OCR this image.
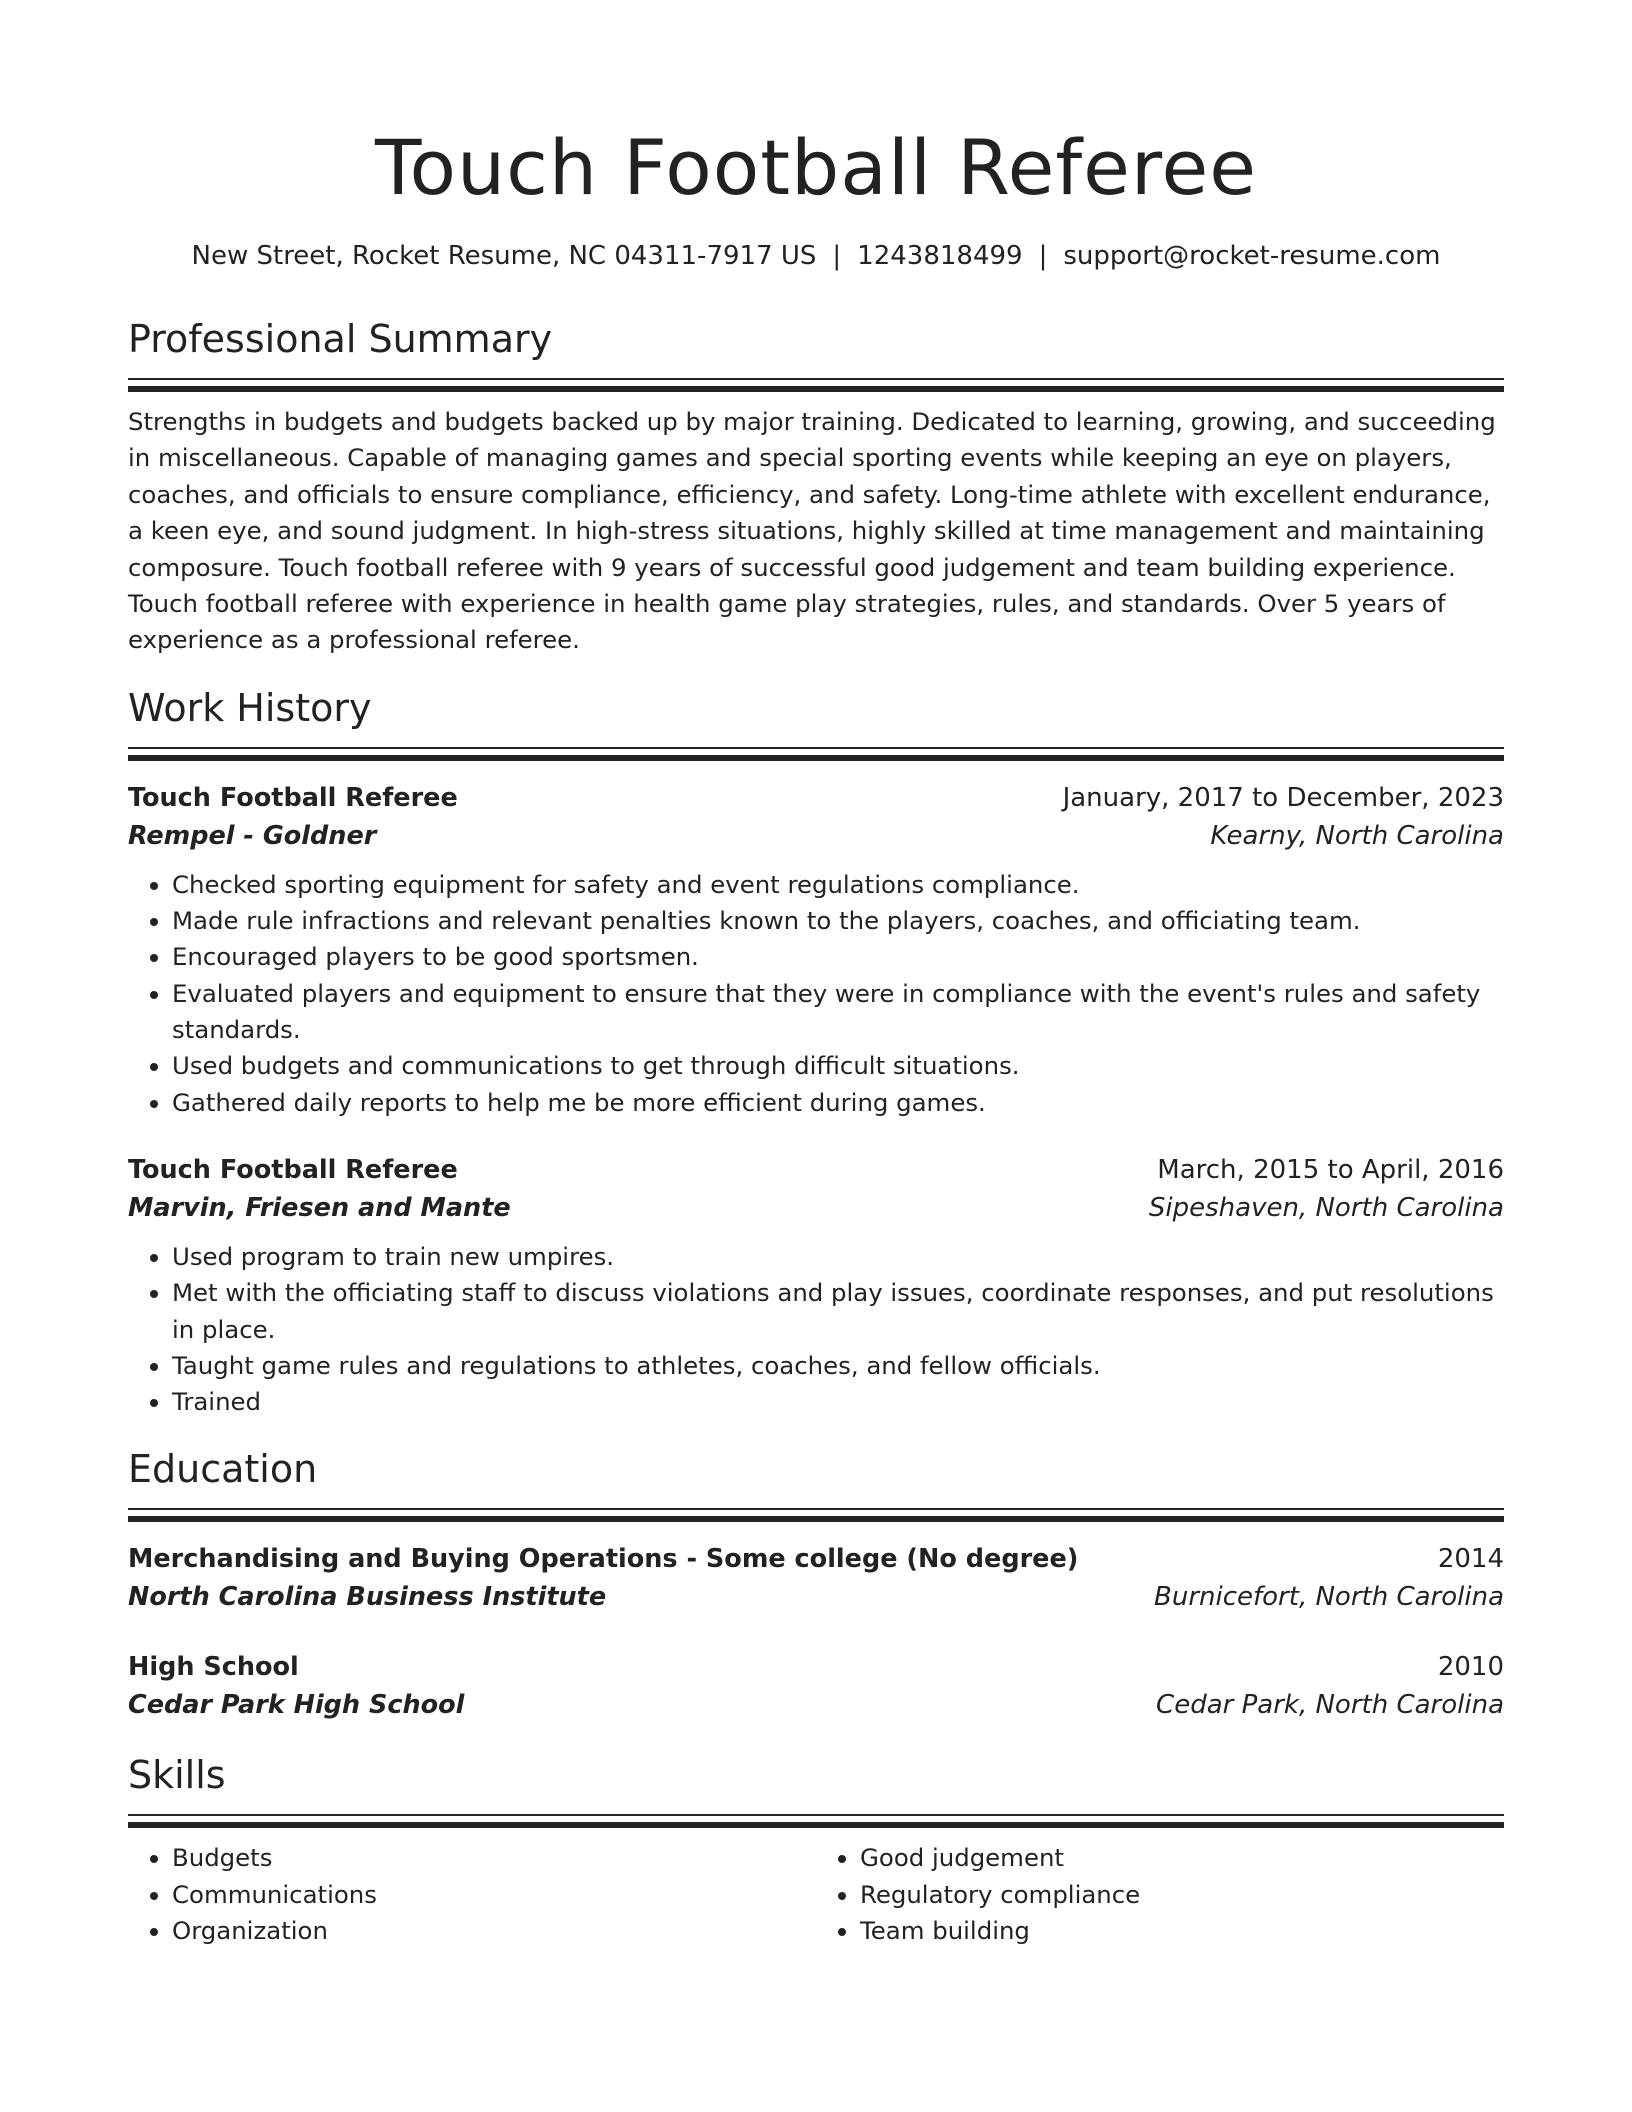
Touch Football Referee
New Street, Rocket Resume, NC 04311-7917 US | 1243818499 | support@rocket-resume.com
Professional Summary

Strengths in budgets and budgets backed up by major training. Dedicated to learning, growing, and succeeding in miscellaneous. Capable of managing games and special sporting events while keeping an eye on players, coaches, and officials to ensure compliance, efficiency, and safety. Long-time athlete with excellent endurance, a keen eye, and sound judgment. In high-stress situations, highly skilled at time management and maintaining composure. Touch football referee with 9 years of successful good judgement and team building experience. Touch football referee with experience in health game play strategies, rules, and standards. Over 5 years of experience as a professional referee.

Work History
Touch Football Referee	January, 2017 to December, 2023
Rempel - Goldner	Kearny, North Carolina
• Checked sporting equipment for safety and event regulations compliance.
• Made rule infractions and relevant penalties known to the players, coaches, and officiating team.
• Encouraged players to be good sportsmen.
• Evaluated players and equipment to ensure that they were in compliance with the event's rules and safety standards.
• Used budgets and communications to get through difficult situations.
• Gathered daily reports to help me be more efficient during games.
Touch Football Referee	March, 2015 to April, 2016
Marvin, Friesen and Mante	Sipeshaven, North Carolina
• Used program to train new umpires.
• Met with the officiating staff to discuss violations and play issues, coordinate responses, and put resolutions in place.
• Taught game rules and regulations to athletes, coaches, and fellow officials.
• Trained
Education
Merchandising and Buying Operations - Some college (No degree)	2014
North Carolina Business Institute	Burnicefort, North Carolina
High School	2010
Cedar Park High School	Cedar Park, North Carolina
Skills
• Budgets
• Communications
• Organization
• Good judgement
• Regulatory compliance
• Team building
